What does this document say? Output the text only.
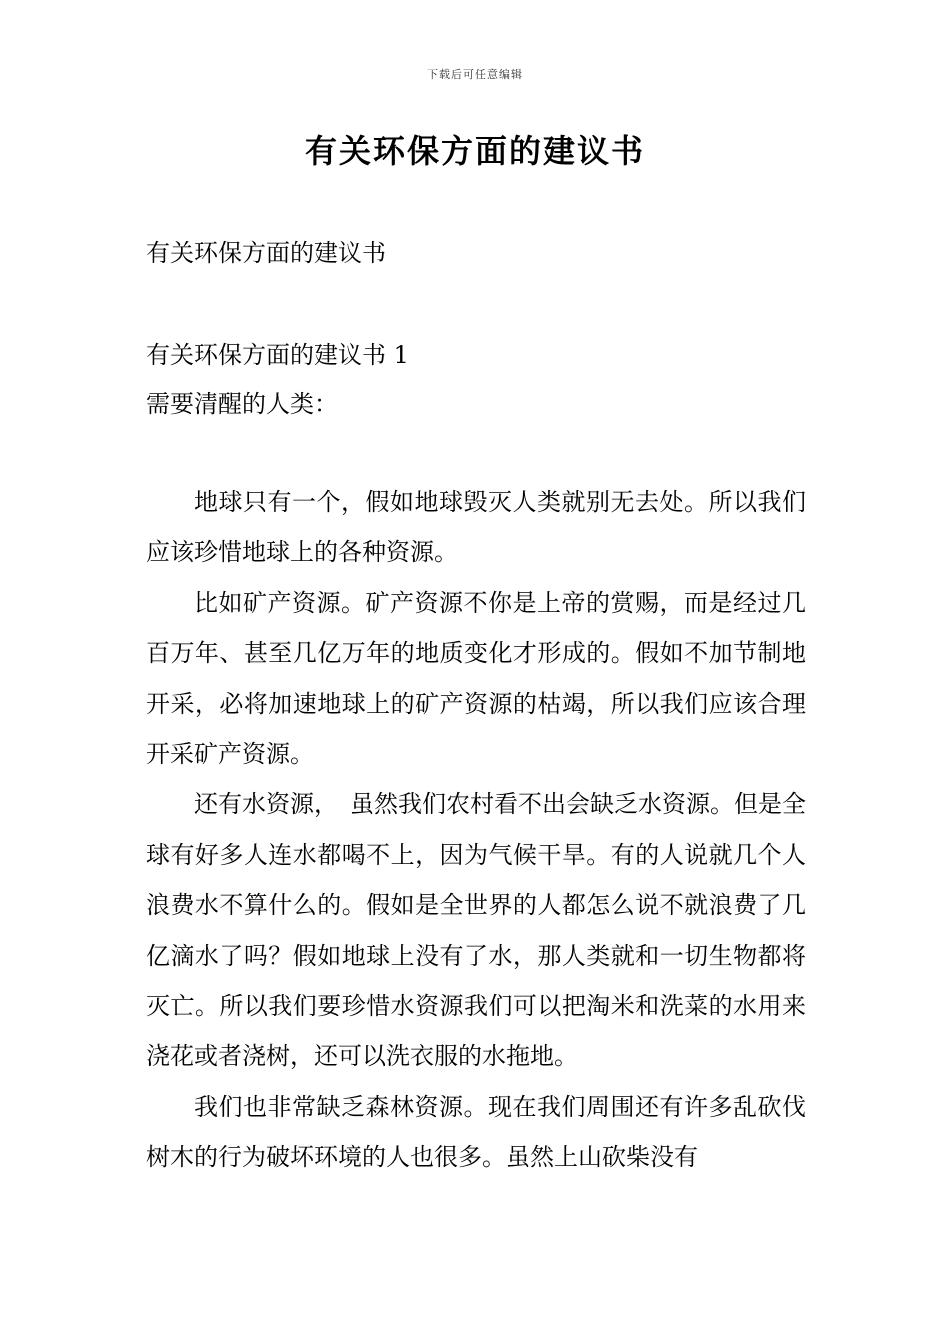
下载后可任意编辑
有关环保方面的建议书
有关环保方面的建议书
有关环保方面的建议书 1
需要清醒的人类：

地球只有一个，假如地球毁灭人类就别无去处。所以我们应该珍惜地球上的各种资源。

比如矿产资源。矿产资源不你是上帝的赏赐，而是经过几百万年、甚至几亿万年的地质变化才形成的。假如不加节制地开采，必将加速地球上的矿产资源的枯竭，所以我们应该合理开采矿产资源。

还有水资源，　虽然我们农村看不出会缺乏水资源。但是全球有好多人连水都喝不上，因为气候干旱。有的人说就几个人浪费水不算什么的。假如是全世界的人都怎么说不就浪费了几亿滴水了吗？假如地球上没有了水，那人类就和一切生物都将灭亡。所以我们要珍惜水资源我们可以把淘米和洗菜的水用来浇花或者浇树，还可以洗衣服的水拖地。

我们也非常缺乏森林资源。现在我们周围还有许多乱砍伐树木的行为破坏环境的人也很多。虽然上山砍柴没有
